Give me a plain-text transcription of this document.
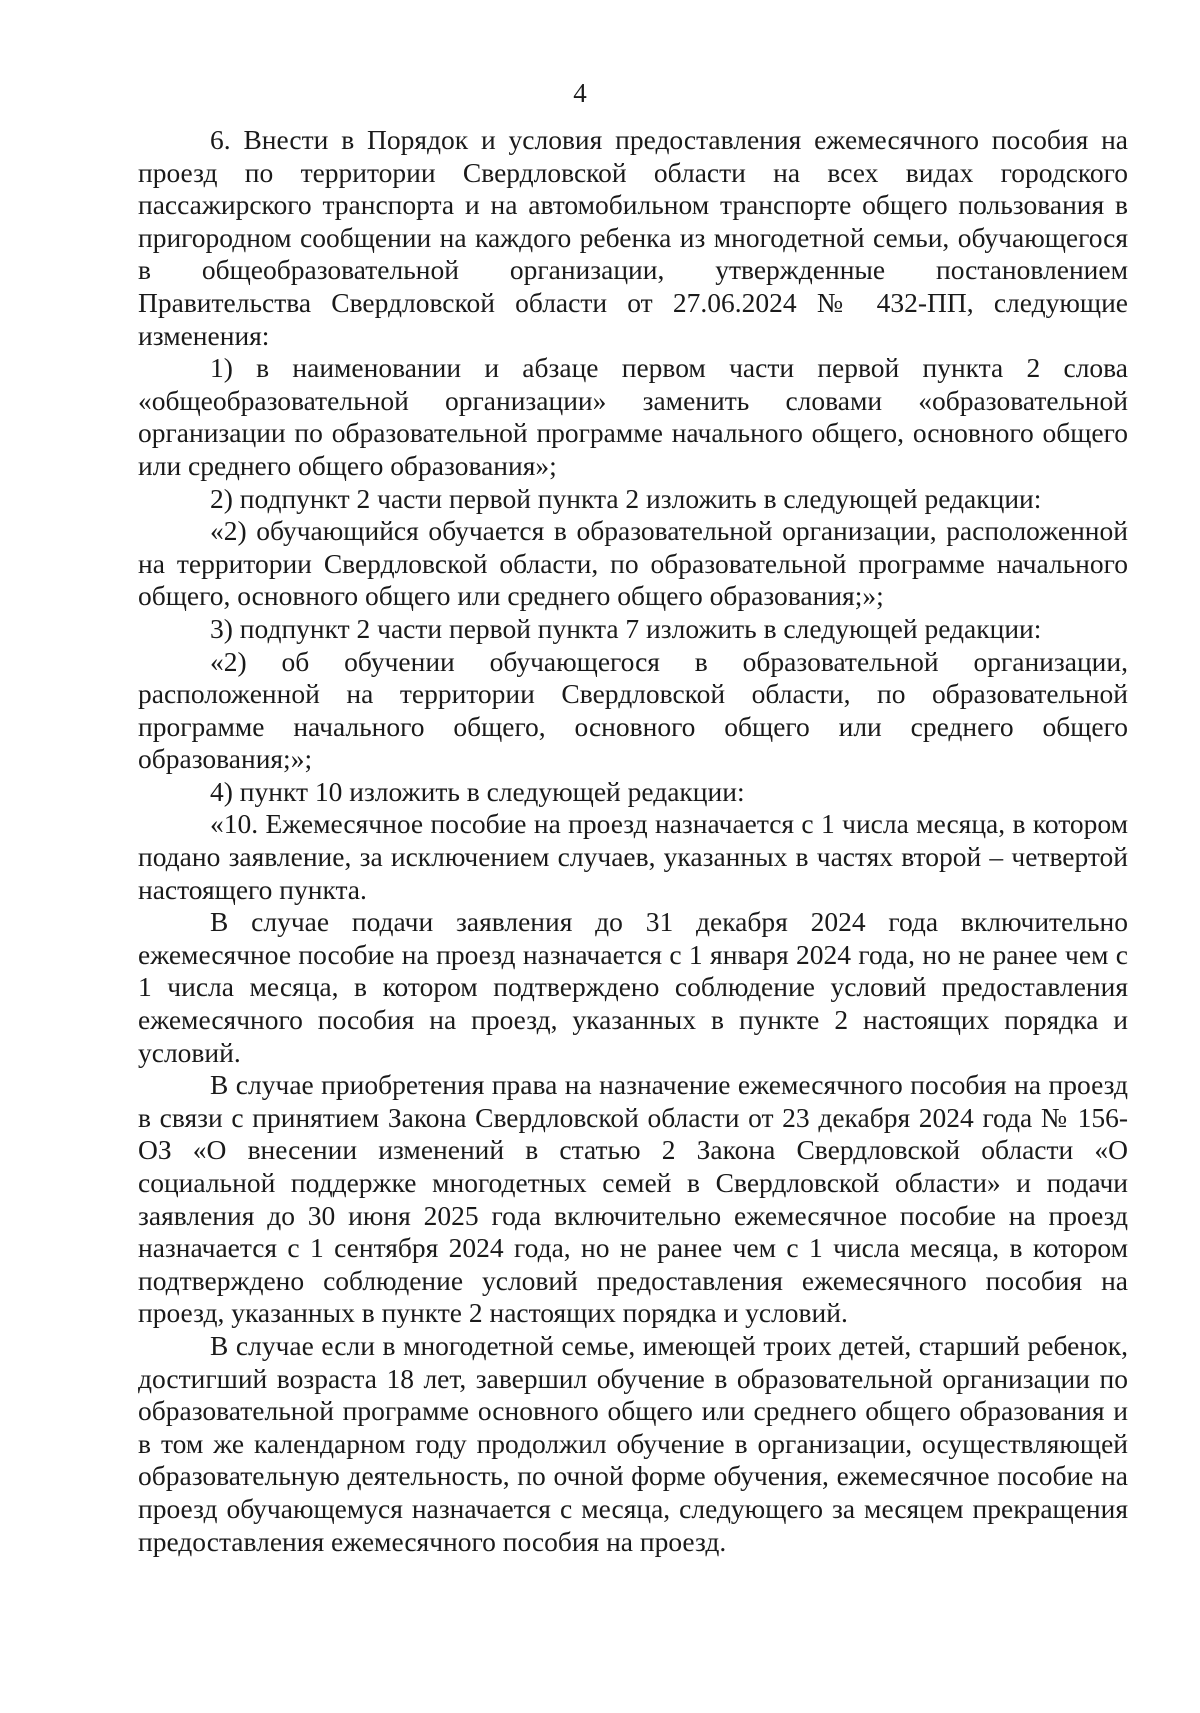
4

6. Внести в Порядок и условия предоставления ежемесячного пособия на проезд по территории Свердловской области на всех видах городского пассажирского транспорта и на автомобильном транспорте общего пользования в пригородном сообщении на каждого ребенка из многодетной семьи, обучающегося в общеобразовательной организации, утвержденные постановлением Правительства Свердловской области от 27.06.2024 № 432-ПП, следующие изменения:

1) в наименовании и абзаце первом части первой пункта 2 слова «общеобразовательной организации» заменить словами «образовательной организации по образовательной программе начального общего, основного общего или среднего общего образования»;

2) подпункт 2 части первой пункта 2 изложить в следующей редакции:

«2) обучающийся обучается в образовательной организации, расположенной на территории Свердловской области, по образовательной программе начального общего, основного общего или среднего общего образования;»;

3) подпункт 2 части первой пункта 7 изложить в следующей редакции:

«2) об обучении обучающегося в образовательной организации, расположенной на территории Свердловской области, по образовательной программе начального общего, основного общего или среднего общего образования;»;

4) пункт 10 изложить в следующей редакции:

«10. Ежемесячное пособие на проезд назначается с 1 числа месяца, в котором подано заявление, за исключением случаев, указанных в частях второй – четвертой настоящего пункта.

В случае подачи заявления до 31 декабря 2024 года включительно ежемесячное пособие на проезд назначается с 1 января 2024 года, но не ранее чем с 1 числа месяца, в котором подтверждено соблюдение условий предоставления ежемесячного пособия на проезд, указанных в пункте 2 настоящих порядка и условий.

В случае приобретения права на назначение ежемесячного пособия на проезд в связи с принятием Закона Свердловской области от 23 декабря 2024 года № 156-ОЗ «О внесении изменений в статью 2 Закона Свердловской области «О социальной поддержке многодетных семей в Свердловской области» и подачи заявления до 30 июня 2025 года включительно ежемесячное пособие на проезд назначается с 1 сентября 2024 года, но не ранее чем с 1 числа месяца, в котором подтверждено соблюдение условий предоставления ежемесячного пособия на проезд, указанных в пункте 2 настоящих порядка и условий.

В случае если в многодетной семье, имеющей троих детей, старший ребенок, достигший возраста 18 лет, завершил обучение в образовательной организации по образовательной программе основного общего или среднего общего образования и в том же календарном году продолжил обучение в организации, осуществляющей образовательную деятельность, по очной форме обучения, ежемесячное пособие на проезд обучающемуся назначается с месяца, следующего за месяцем прекращения предоставления ежемесячного пособия на проезд.
